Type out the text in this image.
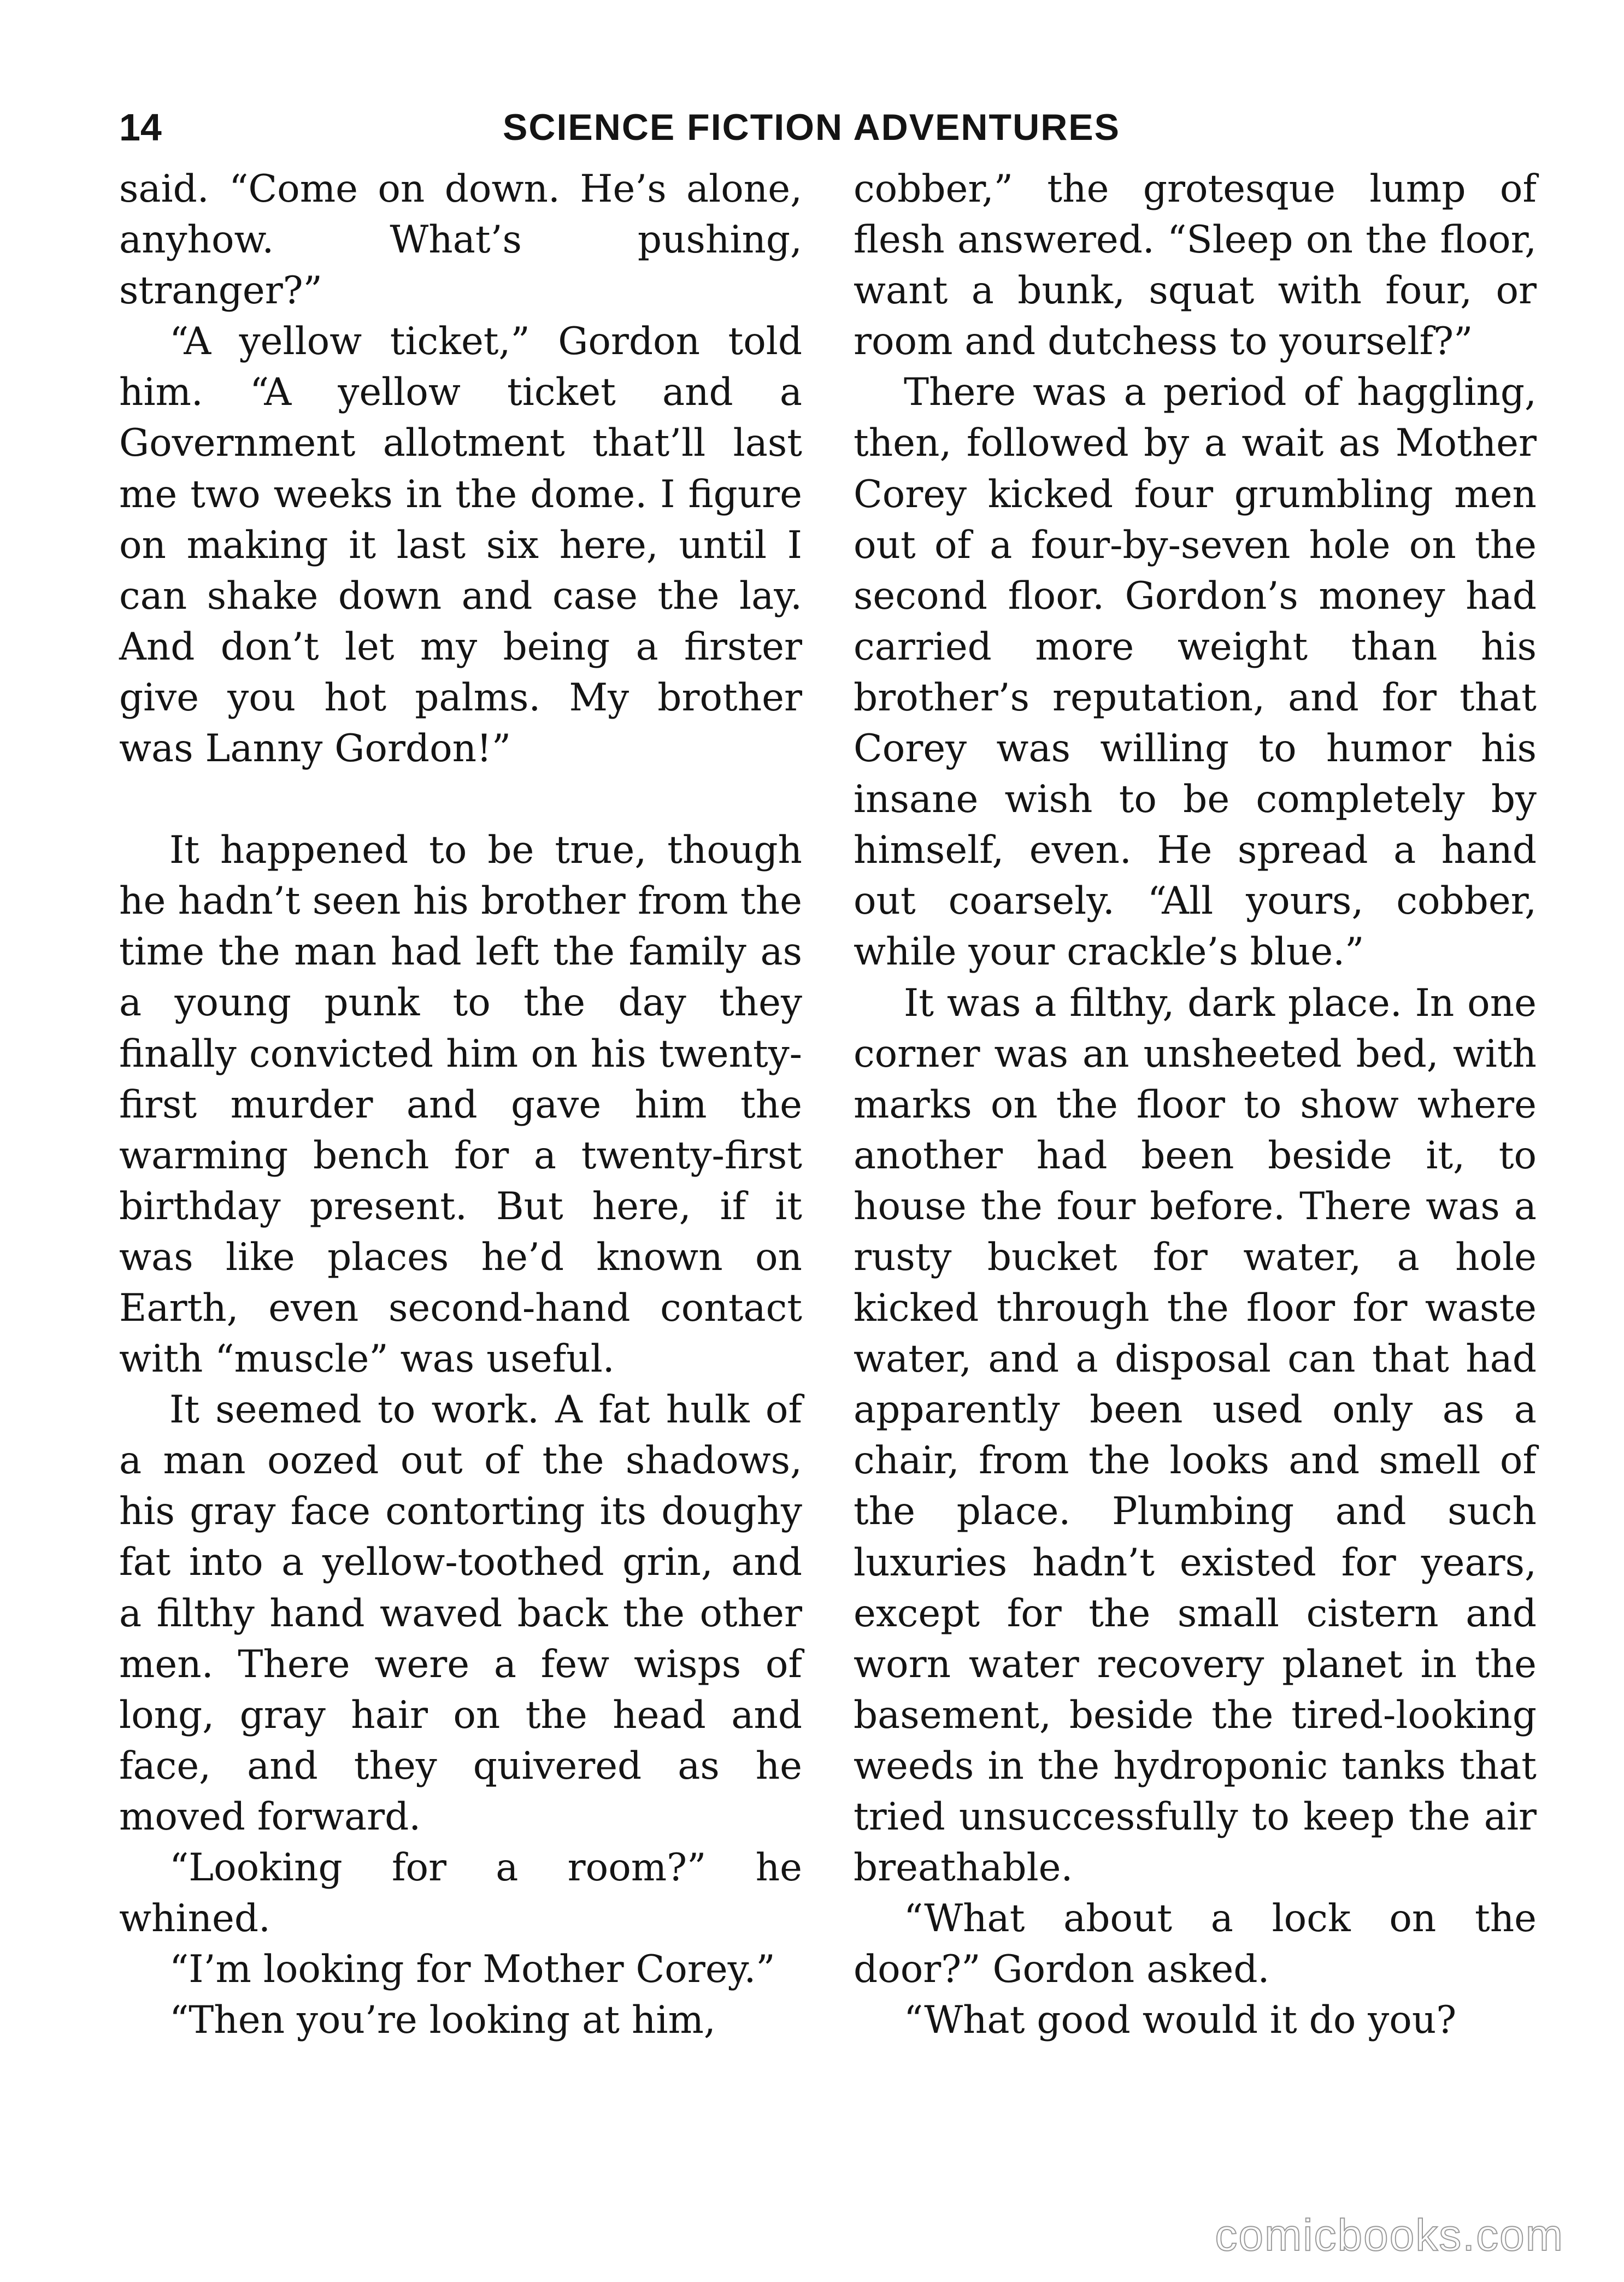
14	SCIENCE FICTION ADVENTURES

said. “Come on down. He’s alone, anyhow. What’s pushing, stranger?”

“A yellow ticket,” Gordon told him. “A yellow ticket and a Government allotment that’ll last me two weeks in the dome. I figure on making it last six here, until I can shake down and case the lay. And don’t let my being a firster give you hot palms. My brother was Lanny Gordon!”

It happened to be true, though he hadn’t seen his brother from the time the man had left the family as a young punk to the day they finally convicted him on his twenty-first murder and gave him the warming bench for a twenty-first birthday present. But here, if it was like places he’d known on Earth, even second-hand contact with “muscle” was useful.

It seemed to work. A fat hulk of a man oozed out of the shadows, his gray face contorting its doughy fat into a yellow-toothed grin, and a filthy hand waved back the other men. There were a few wisps of long, gray hair on the head and face, and they quivered as he moved forward.

“Looking for a room?” he whined.

“I’m looking for Mother Corey.”

“Then you’re looking at him,

cobber,” the grotesque lump of flesh answered. “Sleep on the floor, want a bunk, squat with four, or room and dutchess to yourself?”

There was a period of haggling, then, followed by a wait as Mother Corey kicked four grumbling men out of a four-by-seven hole on the second floor. Gordon’s money had carried more weight than his brother’s reputation, and for that Corey was willing to humor his insane wish to be completely by himself, even. He spread a hand out coarsely. “All yours, cobber, while your crackle’s blue.”

It was a filthy, dark place. In one corner was an unsheeted bed, with marks on the floor to show where another had been beside it, to house the four before. There was a rusty bucket for water, a hole kicked through the floor for waste water, and a disposal can that had apparently been used only as a chair, from the looks and smell of the place. Plumbing and such luxuries hadn’t existed for years, except for the small cistern and worn water recovery planet in the basement, beside the tired-looking weeds in the hydroponic tanks that tried unsuccessfully to keep the air breathable.

“What about a lock on the door?” Gordon asked.

“What good would it do you?

comicbooks.com
